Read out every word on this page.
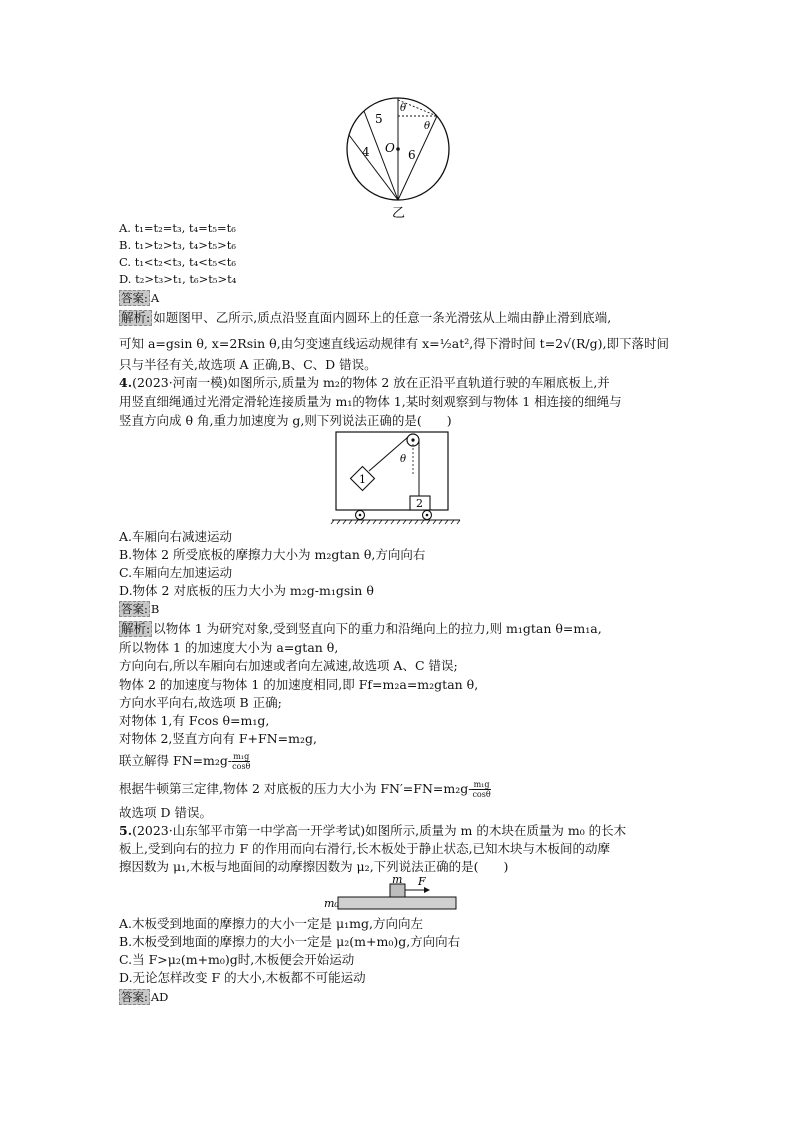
5
4	6
O
θ
θ
乙
A. t₁=t₂=t₃, t₄=t₅=t₆
B. t₁>t₂>t₃, t₄>t₅>t₆
C. t₁<t₂<t₃, t₄<t₅<t₆
D. t₂>t₃>t₁, t₆>t₅>t₄
答案: A
解析: 如题图甲、乙所示,质点沿竖直面内圆环上的任意一条光滑弦从上端由静止滑到底端,
可知 a=gsin θ, x=2Rsin θ,由匀变速直线运动规律有 x=½at²,得下滑时间 t=2√(R/g),即下落时间
只与半径有关,故选项 A 正确,B、C、D 错误。
4.(2023·河南一模)如图所示,质量为 m₂的物体 2 放在正沿平直轨道行驶的车厢底板上,并
用竖直细绳通过光滑定滑轮连接质量为 m₁的物体 1,某时刻观察到与物体 1 相连接的细绳与
竖直方向成 θ 角,重力加速度为 g,则下列说法正确的是(　　)
1
2
θ
A.车厢向右减速运动
B.物体 2 所受底板的摩擦力大小为 m₂gtan θ,方向向右
C.车厢向左加速运动
D.物体 2 对底板的压力大小为 m₂g-m₁gsin θ
答案: B
解析: 以物体 1 为研究对象,受到竖直向下的重力和沿绳向上的拉力,则 m₁gtan θ=m₁a,
所以物体 1 的加速度大小为 a=gtan θ,
方向向右,所以车厢向右加速或者向左减速,故选项 A、C 错误;
物体 2 的加速度与物体 1 的加速度相同,即 Ff=m₂a=m₂gtan θ,
方向水平向右,故选项 B 正确;
对物体 1,有 Fcos θ=m₁g,
对物体 2,竖直方向有 F+FN=m₂g,
联立解得 $FN=m_2g- \frac{\text{m₁g}}{\cos\theta}$
根据牛顿第三定律,物体 2 对底板的压力大小为 $FN'=FN=m_2g- \frac{\text{m₁g}}{\cos\theta}$
故选项 D 错误。
5.(2023·山东邹平市第一中学高一开学考试)如图所示,质量为 m 的木块在质量为 m₀ 的长木
板上,受到向右的拉力 F 的作用而向右滑行,长木板处于静止状态,已知木块与木板间的动摩
擦因数为 μ₁,木板与地面间的动摩擦因数为 μ₂,下列说法正确的是(　　)
m F
m₀
A.木板受到地面的摩擦力的大小一定是 μ₁mg,方向向左
B.木板受到地面的摩擦力的大小一定是 μ₂(m+m₀)g,方向向右
C.当 F>μ₂(m+m₀)g时,木板便会开始运动
D.无论怎样改变 F 的大小,木板都不可能运动
答案: AD
